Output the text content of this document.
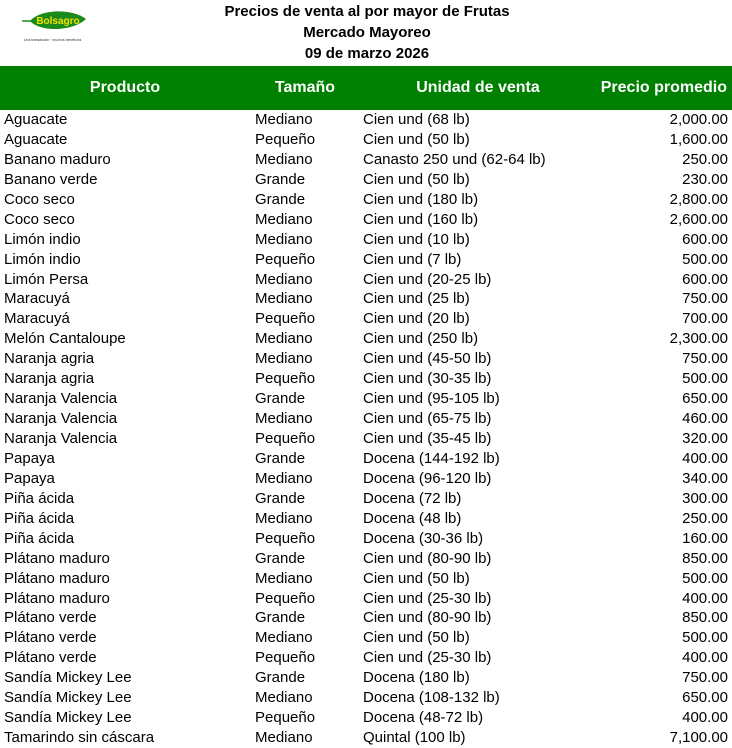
Bolsagro
Una transacción · muchos beneficios
Precios de venta al por mayor de Frutas
Mercado Mayoreo
09 de marzo 2026
Producto	Tamaño	Unidad de venta	Precio promedio
Aguacate	Mediano	Cien und (68 lb)	2,000.00
Aguacate	Pequeño	Cien und (50 lb)	1,600.00
Banano maduro	Mediano	Canasto 250 und (62-64 lb)	250.00
Banano verde	Grande	Cien und (50 lb)	230.00
Coco seco	Grande	Cien und (180 lb)	2,800.00
Coco seco	Mediano	Cien und (160 lb)	2,600.00
Limón indio	Mediano	Cien und (10 lb)	600.00
Limón indio	Pequeño	Cien und (7 lb)	500.00
Limón Persa	Mediano	Cien und (20-25 lb)	600.00
Maracuyá	Mediano	Cien und (25 lb)	750.00
Maracuyá	Pequeño	Cien und (20 lb)	700.00
Melón Cantaloupe	Mediano	Cien und (250 lb)	2,300.00
Naranja agria	Mediano	Cien und (45-50 lb)	750.00
Naranja agria	Pequeño	Cien und (30-35 lb)	500.00
Naranja Valencia	Grande	Cien und (95-105 lb)	650.00
Naranja Valencia	Mediano	Cien und (65-75 lb)	460.00
Naranja Valencia	Pequeño	Cien und (35-45 lb)	320.00
Papaya	Grande	Docena (144-192 lb)	400.00
Papaya	Mediano	Docena (96-120 lb)	340.00
Piña ácida	Grande	Docena (72 lb)	300.00
Piña ácida	Mediano	Docena (48 lb)	250.00
Piña ácida	Pequeño	Docena (30-36 lb)	160.00
Plátano maduro	Grande	Cien und (80-90 lb)	850.00
Plátano maduro	Mediano	Cien und (50 lb)	500.00
Plátano maduro	Pequeño	Cien und (25-30 lb)	400.00
Plátano verde	Grande	Cien und (80-90 lb)	850.00
Plátano verde	Mediano	Cien und (50 lb)	500.00
Plátano verde	Pequeño	Cien und (25-30 lb)	400.00
Sandía Mickey Lee	Grande	Docena (180 lb)	750.00
Sandía Mickey Lee	Mediano	Docena (108-132 lb)	650.00
Sandía Mickey Lee	Pequeño	Docena (48-72 lb)	400.00
Tamarindo sin cáscara	Mediano	Quintal (100 lb)	7,100.00
